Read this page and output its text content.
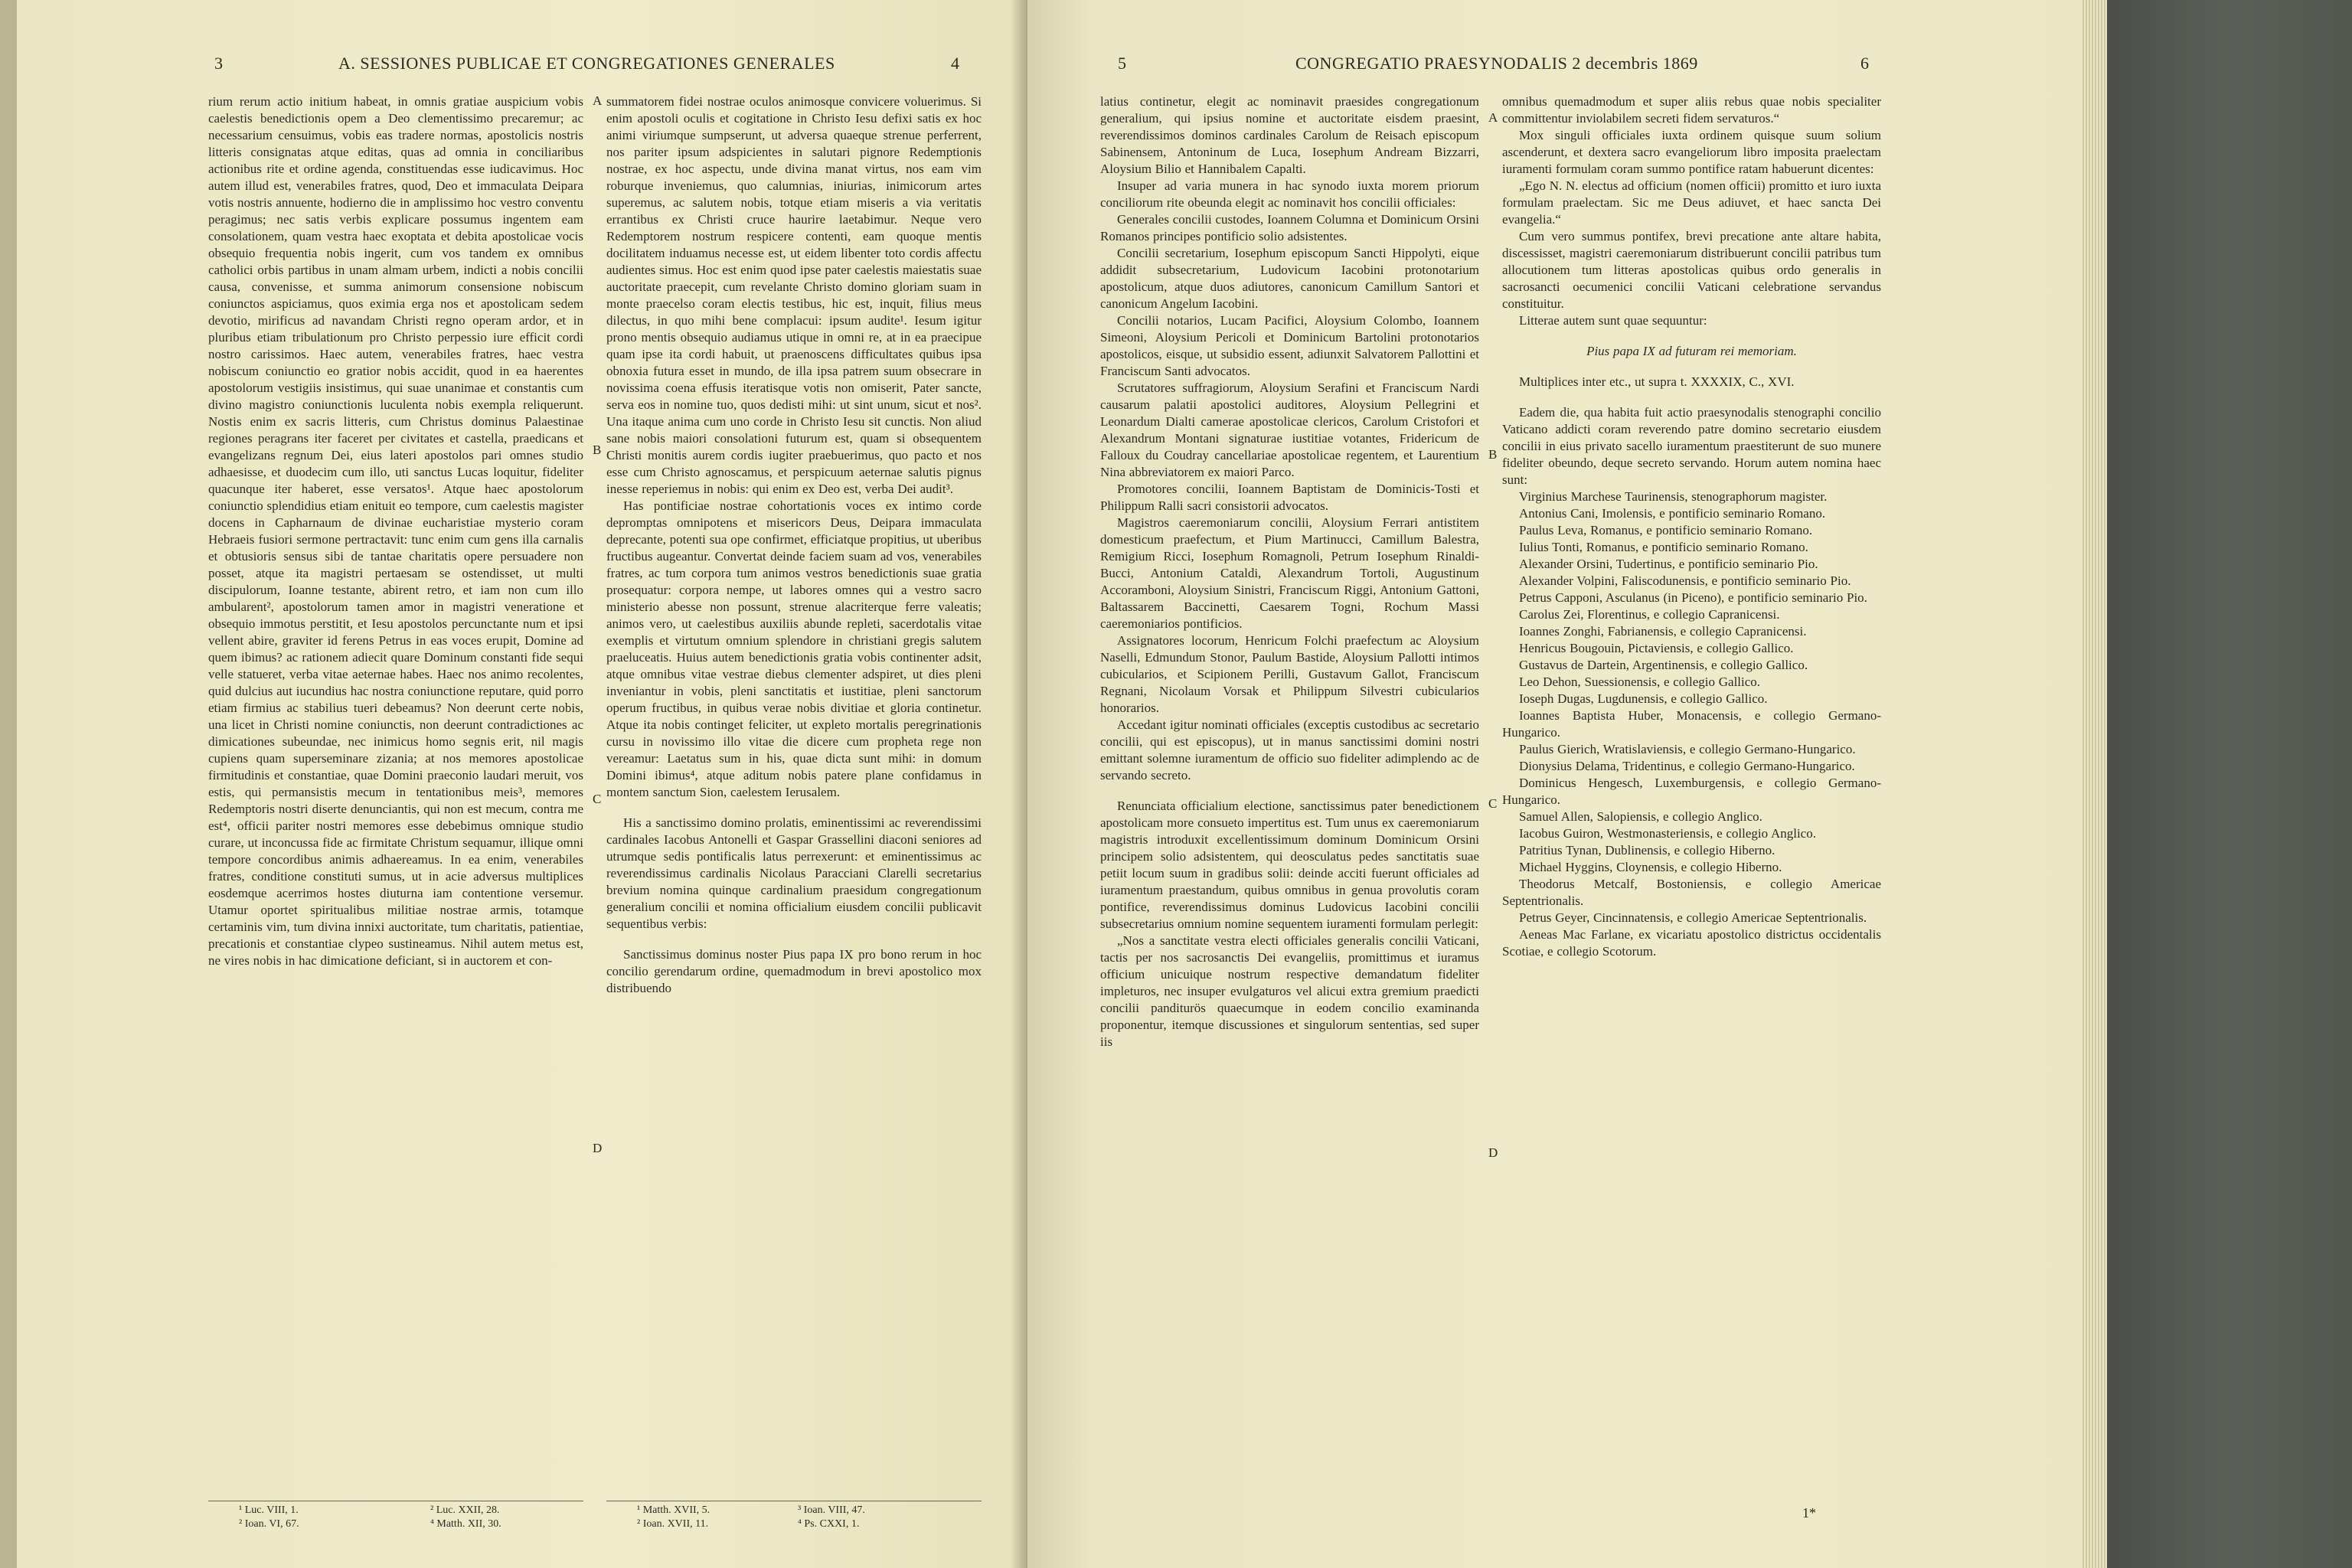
3	A. SESSIONES PUBLICAE ET CONGREGATIONES GENERALES	4

rium rerum actio initium habeat, in omnis gratiae auspicium vobis caelestis benedictionis opem a Deo clementissimo precaremur; ac necessarium censuimus, vobis eas tradere normas, apostolicis nostris litteris consignatas atque editas, quas ad omnia in conciliaribus actionibus rite et ordine agenda, constituendas esse iudicavimus. Hoc autem illud est, venerabiles fratres, quod, Deo et immaculata Deipara votis nostris annuente, hodierno die in amplissimo hoc vestro conventu peragimus; nec satis verbis explicare possumus ingentem eam consolationem, quam vestra haec exoptata et debita apostolicae vocis obsequio frequentia nobis ingerit, cum vos tandem ex omnibus catholici orbis partibus in unam almam urbem, indicti a nobis concilii causa, convenisse, et summa animorum consensione nobiscum coniunctos aspiciamus, quos eximia erga nos et apostolicam sedem devotio, mirificus ad navandam Christi regno operam ardor, et in pluribus etiam tribulationum pro Christo perpessio iure efficit cordi nostro carissimos. Haec autem, venerabiles fratres, haec vestra nobiscum coniunctio eo gratior nobis accidit, quod in ea haerentes apostolorum vestigiis insistimus, qui suae unanimae et constantis cum divino magistro coniunctionis luculenta nobis exempla reliquerunt. Nostis enim ex sacris litteris, cum Christus dominus Palaestinae regiones peragrans iter faceret per civitates et castella, praedicans et evangelizans regnum Dei, eius lateri apostolos pari omnes studio adhaesisse, et duodecim cum illo, uti sanctus Lucas loquitur, fideliter quacunque iter haberet, esse versatos¹. Atque haec apostolorum coniunctio splendidius etiam enituit eo tempore, cum caelestis magister docens in Capharnaum de divinae eucharistiae mysterio coram Hebraeis fusiori sermone pertractavit: tunc enim cum gens illa carnalis et obtusioris sensus sibi de tantae charitatis opere persuadere non posset, atque ita magistri pertaesam se ostendisset, ut multi discipulorum, Ioanne testante, abirent retro, et iam non cum illo ambularent², apostolorum tamen amor in magistri veneratione et obsequio immotus perstitit, et Iesu apostolos percunctante num et ipsi vellent abire, graviter id ferens Petrus in eas voces erupit, Domine ad quem ibimus? ac rationem adiecit quare Dominum constanti fide sequi velle statueret, verba vitae aeternae habes. Haec nos animo recolentes, quid dulcius aut iucundius hac nostra coniunctione reputare, quid porro etiam firmius ac stabilius tueri debeamus? Non deerunt certe nobis, una licet in Christi nomine coniunctis, non deerunt contradictiones ac dimicationes subeundae, nec inimicus homo segnis erit, nil magis cupiens quam superseminare zizania; at nos memores apostolicae firmitudinis et constantiae, quae Domini praeconio laudari meruit, vos estis, qui permansistis mecum in tentationibus meis³, memores Redemptoris nostri diserte denunciantis, qui non est mecum, contra me est⁴, officii pariter nostri memores esse debebimus omnique studio curare, ut inconcussa fide ac firmitate Christum sequamur, illique omni tempore concordibus animis adhaereamus. In ea enim, venerabiles fratres, conditione constituti sumus, ut in acie adversus multiplices eosdemque acerrimos hostes diuturna iam contentione versemur. Utamur oportet spiritualibus militiae nostrae armis, totamque certaminis vim, tum divina innixi auctoritate, tum charitatis, patientiae, precationis et constantiae clypeo sustineamus. Nihil autem metus est, ne vires nobis in hac dimicatione deficiant, si in auctorem et con-

summatorem fidei nostrae oculos animosque convicere voluerimus. Si enim apostoli oculis et cogitatione in Christo Iesu defixi satis ex hoc animi viriumque sumpserunt, ut adversa quaeque strenue perferrent, nos pariter ipsum adspicientes in salutari pignore Redemptionis nostrae, ex hoc aspectu, unde divina manat virtus, nos eam vim roburque inveniemus, quo calumnias, iniurias, inimicorum artes superemus, ac salutem nobis, totque etiam miseris a via veritatis errantibus ex Christi cruce haurire laetabimur. Neque vero Redemptorem nostrum respicere contenti, eam quoque mentis docilitatem induamus necesse est, ut eidem libenter toto cordis affectu audientes simus. Hoc est enim quod ipse pater caelestis maiestatis suae auctoritate praecepit, cum revelante Christo domino gloriam suam in monte praecelso coram electis testibus, hic est, inquit, filius meus dilectus, in quo mihi bene complacui: ipsum audite¹. Iesum igitur prono mentis obsequio audiamus utique in omni re, at in ea praecipue quam ipse ita cordi habuit, ut praenoscens difficultates quibus ipsa obnoxia futura esset in mundo, de illa ipsa patrem suum obsecrare in novissima coena effusis iteratisque votis non omiserit, Pater sancte, serva eos in nomine tuo, quos dedisti mihi: ut sint unum, sicut et nos². Una itaque anima cum uno corde in Christo Iesu sit cunctis. Non aliud sane nobis maiori consolationi futurum est, quam si obsequentem Christi monitis aurem cordis iugiter praebuerimus, quo pacto et nos esse cum Christo agnoscamus, et perspicuum aeternae salutis pignus inesse reperiemus in nobis: qui enim ex Deo est, verba Dei audit³.

Has pontificiae nostrae cohortationis voces ex intimo corde depromptas omnipotens et misericors Deus, Deipara immaculata deprecante, potenti sua ope confirmet, efficiatque propitius, ut uberibus fructibus augeantur. Convertat deinde faciem suam ad vos, venerabiles fratres, ac tum corpora tum animos vestros benedictionis suae gratia prosequatur: corpora nempe, ut labores omnes qui a vestro sacro ministerio abesse non possunt, strenue alacriterque ferre valeatis; animos vero, ut caelestibus auxiliis abunde repleti, sacerdotalis vitae exemplis et virtutum omnium splendore in christiani gregis salutem praeluceatis. Huius autem benedictionis gratia vobis continenter adsit, atque omnibus vitae vestrae diebus clementer adspiret, ut dies pleni inveniantur in vobis, pleni sanctitatis et iustitiae, pleni sanctorum operum fructibus, in quibus verae nobis divitiae et gloria continetur. Atque ita nobis continget feliciter, ut expleto mortalis peregrinationis cursu in novissimo illo vitae die dicere cum propheta rege non vereamur: Laetatus sum in his, quae dicta sunt mihi: in domum Domini ibimus⁴, atque aditum nobis patere plane confidamus in montem sanctum Sion, caelestem Ierusalem.

His a sanctissimo domino prolatis, eminentissimi ac reverendissimi cardinales Iacobus Antonelli et Gaspar Grassellini diaconi seniores ad utrumque sedis pontificalis latus perrexerunt: et eminentissimus ac reverendissimus cardinalis Nicolaus Paracciani Clarelli secretarius brevium nomina quinque cardinalium praesidum congregationum generalium concilii et nomina officialium eiusdem concilii publicavit sequentibus verbis:

Sanctissimus dominus noster Pius papa IX pro bono rerum in hoc concilio gerendarum ordine, quemadmodum in brevi apostolico mox distribuendo

A
B
C
D
¹ Luc. VIII, 1.	² Luc. XXII, 28.
² Ioan. VI, 67.	⁴ Matth. XII, 30.
¹ Matth. XVII, 5.	³ Ioan. VIII, 47.
² Ioan. XVII, 11.	⁴ Ps. CXXI, 1.
5	CONGREGATIO PRAESYNODALIS 2 decembris 1869	6

latius continetur, elegit ac nominavit praesides congregationum generalium, qui ipsius nomine et auctoritate eisdem praesint, reverendissimos dominos cardinales Carolum de Reisach episcopum Sabinensem, Antoninum de Luca, Iosephum Andream Bizzarri, Aloysium Bilio et Hannibalem Capalti.

Insuper ad varia munera in hac synodo iuxta morem priorum conciliorum rite obeunda elegit ac nominavit hos concilii officiales:

Generales concilii custodes, Ioannem Columna et Dominicum Orsini Romanos principes pontificio solio adsistentes.

Concilii secretarium, Iosephum episcopum Sancti Hippolyti, eique addidit subsecretarium, Ludovicum Iacobini protonotarium apostolicum, atque duos adiutores, canonicum Camillum Santori et canonicum Angelum Iacobini.

Concilii notarios, Lucam Pacifici, Aloysium Colombo, Ioannem Simeoni, Aloysium Pericoli et Dominicum Bartolini protonotarios apostolicos, eisque, ut subsidio essent, adiunxit Salvatorem Pallottini et Franciscum Santi advocatos.

Scrutatores suffragiorum, Aloysium Serafini et Franciscum Nardi causarum palatii apostolici auditores, Aloysium Pellegrini et Leonardum Dialti camerae apostolicae clericos, Carolum Cristofori et Alexandrum Montani signaturae iustitiae votantes, Fridericum de Falloux du Coudray cancellariae apostolicae regentem, et Laurentium Nina abbreviatorem ex maiori Parco.

Promotores concilii, Ioannem Baptistam de Dominicis-Tosti et Philippum Ralli sacri consistorii advocatos.

Magistros caeremoniarum concilii, Aloysium Ferrari antistitem domesticum praefectum, et Pium Martinucci, Camillum Balestra, Remigium Ricci, Iosephum Romagnoli, Petrum Iosephum Rinaldi-Bucci, Antonium Cataldi, Alexandrum Tortoli, Augustinum Accoramboni, Aloysium Sinistri, Franciscum Riggi, Antonium Gattoni, Baltassarem Baccinetti, Caesarem Togni, Rochum Massi caeremoniarios pontificios.

Assignatores locorum, Henricum Folchi praefectum ac Aloysium Naselli, Edmundum Stonor, Paulum Bastide, Aloysium Pallotti intimos cubicularios, et Scipionem Perilli, Gustavum Gallot, Franciscum Regnani, Nicolaum Vorsak et Philippum Silvestri cubicularios honorarios.

Accedant igitur nominati officiales (exceptis custodibus ac secretario concilii, qui est episcopus), ut in manus sanctissimi domini nostri emittant solemne iuramentum de officio suo fideliter adimplendo ac de servando secreto.

Renunciata officialium electione, sanctissimus pater benedictionem apostolicam more consueto impertitus est. Tum unus ex caeremoniarum magistris introduxit excellentissimum dominum Dominicum Orsini principem solio adsistentem, qui deosculatus pedes sanctitatis suae petiit locum suum in gradibus solii: deinde acciti fuerunt officiales ad iuramentum praestandum, quibus omnibus in genua provolutis coram pontifice, reverendissimus dominus Ludovicus Iacobini concilii subsecretarius omnium nomine sequentem iuramenti formulam perlegit:

„Nos a sanctitate vestra electi officiales generalis concilii Vaticani, tactis per nos sacrosanctis Dei evangeliis, promittimus et iuramus officium unicuique nostrum respective demandatum fideliter impleturos, nec insuper evulgaturos vel alicui extra gremium praedicti concilii panditurös quaecumque in eodem concilio examinanda proponentur, itemque discussiones et singulorum sententias, sed super iis

omnibus quemadmodum et super aliis rebus quae nobis specialiter committentur inviolabilem secreti fidem servaturos.“

Mox singuli officiales iuxta ordinem quisque suum solium ascenderunt, et dextera sacro evangeliorum libro imposita praelectam iuramenti formulam coram summo pontifice ratam habuerunt dicentes:

„Ego N. N. electus ad officium (nomen officii) promitto et iuro iuxta formulam praelectam. Sic me Deus adiuvet, et haec sancta Dei evangelia.“

Cum vero summus pontifex, brevi precatione ante altare habita, discessisset, magistri caeremoniarum distribuerunt concilii patribus tum allocutionem tum litteras apostolicas quibus ordo generalis in sacrosancti oecumenici concilii Vaticani celebratione servandus constituitur.

Litterae autem sunt quae sequuntur:

Pius papa IX ad futuram rei memoriam.

Multiplices inter etc., ut supra t. XXXXIX, C., XVI.

Eadem die, qua habita fuit actio praesynodalis stenographi concilio Vaticano addicti coram reverendo patre domino secretario eiusdem concilii in eius privato sacello iuramentum praestiterunt de suo munere fideliter obeundo, deque secreto servando. Horum autem nomina haec sunt:

Virginius Marchese Taurinensis, stenographorum magister.

Antonius Cani, Imolensis, e pontificio seminario Romano.

Paulus Leva, Romanus, e pontificio seminario Romano.

Iulius Tonti, Romanus, e pontificio seminario Romano.

Alexander Orsini, Tudertinus, e pontificio seminario Pio.

Alexander Volpini, Faliscodunensis, e pontificio seminario Pio.

Petrus Capponi, Asculanus (in Piceno), e pontificio seminario Pio.

Carolus Zei, Florentinus, e collegio Capranicensi.

Ioannes Zonghi, Fabrianensis, e collegio Capranicensi.

Henricus Bougouin, Pictaviensis, e collegio Gallico.

Gustavus de Dartein, Argentinensis, e collegio Gallico.

Leo Dehon, Suessionensis, e collegio Gallico.

Ioseph Dugas, Lugdunensis, e collegio Gallico.

Ioannes Baptista Huber, Monacensis, e collegio Germano-Hungarico.

Paulus Gierich, Wratislaviensis, e collegio Germano-Hungarico.

Dionysius Delama, Tridentinus, e collegio Germano-Hungarico.

Dominicus Hengesch, Luxemburgensis, e collegio Germano-Hungarico.

Samuel Allen, Salopiensis, e collegio Anglico.

Iacobus Guiron, Westmonasteriensis, e collegio Anglico.

Patritius Tynan, Dublinensis, e collegio Hiberno.

Michael Hyggins, Cloynensis, e collegio Hiberno.

Theodorus Metcalf, Bostoniensis, e collegio Americae Septentrionalis.

Petrus Geyer, Cincinnatensis, e collegio Americae Septentrionalis.

Aeneas Mac Farlane, ex vicariatu apostolico districtus occidentalis Scotiae, e collegio Scotorum.

A
B
C
D
1*
